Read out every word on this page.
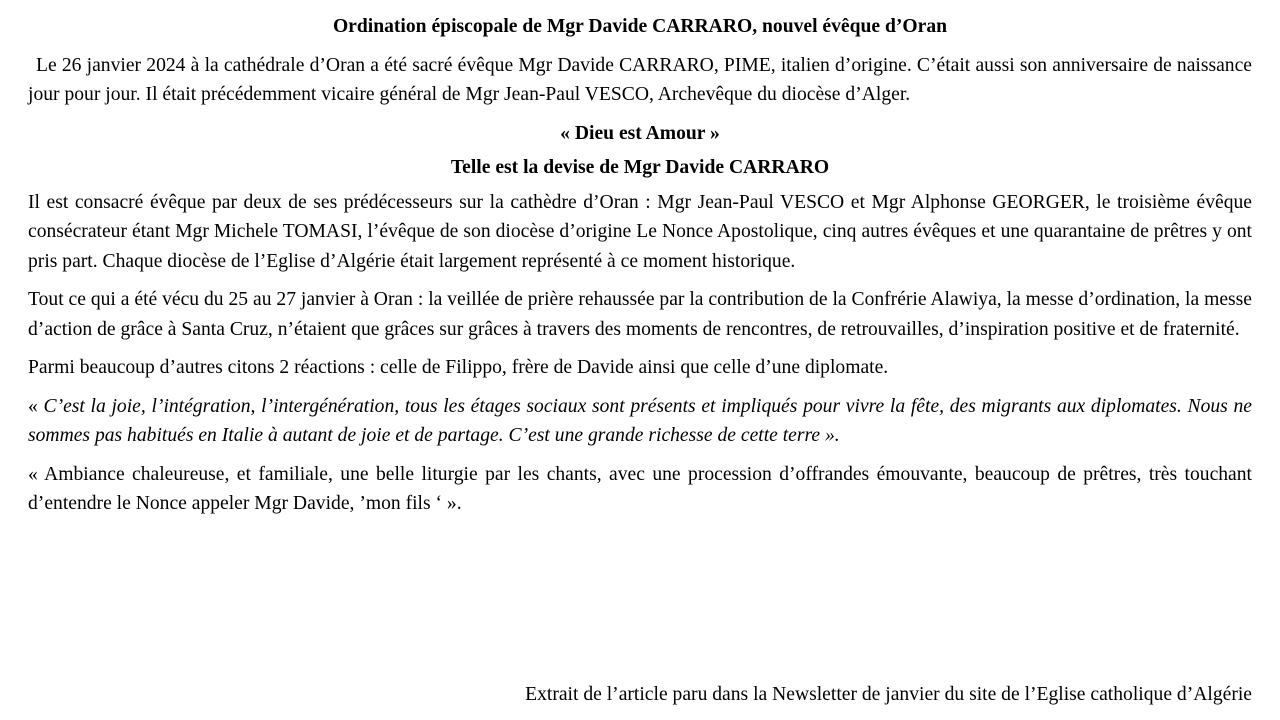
Ordination épiscopale de Mgr Davide CARRARO, nouvel évêque d’Oran
Le 26 janvier 2024 à la cathédrale d’Oran a été sacré évêque Mgr Davide CARRARO, PIME, italien d’origine. C’était aussi son anniversaire de naissance jour pour jour. Il était précédemment vicaire général de Mgr Jean-Paul VESCO, Archevêque du diocèse d’Alger.
« Dieu est Amour »
Telle est la devise de Mgr Davide CARRARO
Il est consacré évêque par deux de ses prédécesseurs sur la cathèdre d’Oran : Mgr Jean-Paul VESCO et Mgr Alphonse GEORGER, le troisième évêque consécrateur étant Mgr Michele TOMASI, l’évêque de son diocèse d’origine Le Nonce Apostolique, cinq autres évêques et une quarantaine de prêtres y ont pris part. Chaque diocèse de l’Eglise d’Algérie était largement représenté à ce moment historique.
Tout ce qui a été vécu du 25 au 27 janvier à Oran : la veillée de prière rehaussée par la contribution de la Confrérie Alawiya, la messe d’ordination, la messe d’action de grâce à Santa Cruz, n’étaient que grâces sur grâces à travers des moments de rencontres, de retrouvailles, d’inspiration positive et de fraternité.
Parmi beaucoup d’autres citons 2 réactions : celle de Filippo, frère de Davide ainsi que celle d’une diplomate.
« C’est la joie, l’intégration, l’intergénération, tous les étages sociaux sont présents et impliqués pour vivre la fête, des migrants aux diplomates. Nous ne sommes pas habitués en Italie à autant de joie et de partage. C’est une grande richesse de cette terre ».
« Ambiance chaleureuse, et familiale, une belle liturgie par les chants, avec une procession d’offrandes émouvante, beaucoup de prêtres, très touchant d’entendre le Nonce appeler Mgr Davide, ’mon fils ‘ ».
Extrait de l’article paru dans la Newsletter de janvier du site de l’Eglise catholique d’Algérie
